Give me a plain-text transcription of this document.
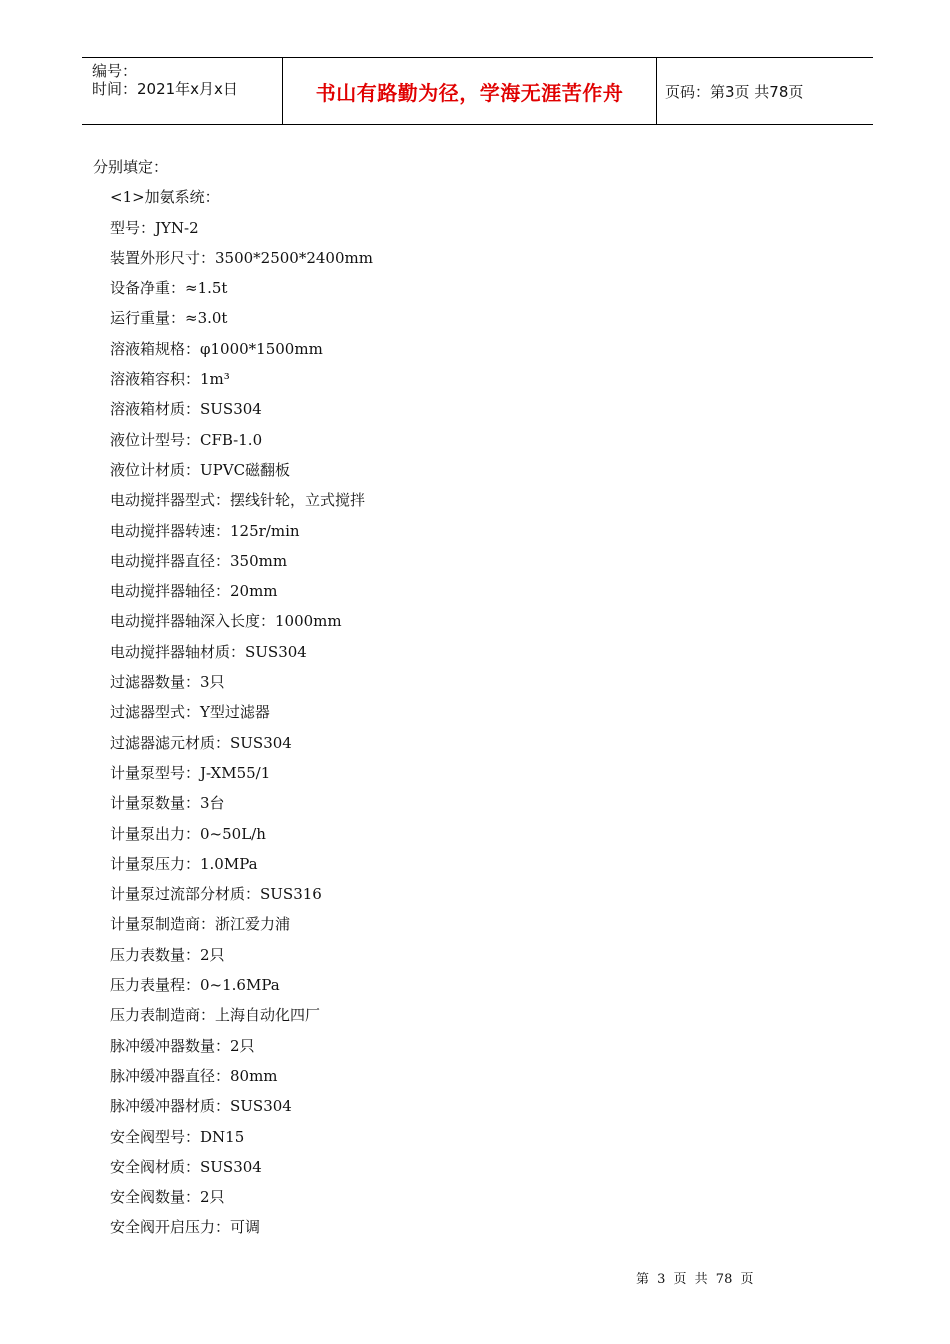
编号：
时间：2021年x月x日	书山有路勤为径，学海无涯苦作舟	页码：第3页 共78页
分别填定：
<1>加氨系统：
型号：JYN-2
装置外形尺寸：3500*2500*2400mm
设备净重：≈1.5t
运行重量：≈3.0t
溶液箱规格：φ1000*1500mm
溶液箱容积：1m³
溶液箱材质：SUS304
液位计型号：CFB-1.0
液位计材质：UPVC磁翻板
电动搅拌器型式：摆线针轮，立式搅拌
电动搅拌器转速：125r/min
电动搅拌器直径：350mm
电动搅拌器轴径：20mm
电动搅拌器轴深入长度：1000mm
电动搅拌器轴材质：SUS304
过滤器数量：3只
过滤器型式：Y型过滤器
过滤器滤元材质：SUS304
计量泵型号：J-XM55/1
计量泵数量：3台
计量泵出力：0~50L/h
计量泵压力：1.0MPa
计量泵过流部分材质：SUS316
计量泵制造商：浙江爱力浦
压力表数量：2只
压力表量程：0~1.6MPa
压力表制造商：上海自动化四厂
脉冲缓冲器数量：2只
脉冲缓冲器直径：80mm
脉冲缓冲器材质：SUS304
安全阀型号：DN15
安全阀材质：SUS304
安全阀数量：2只
安全阀开启压力：可调
第 3 页 共 78 页
